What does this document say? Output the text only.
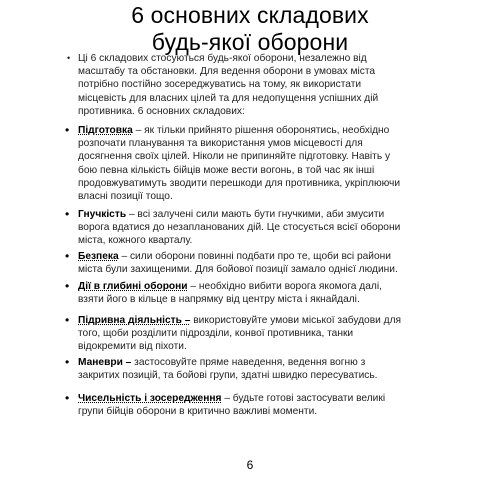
6 основних складових
будь-якої оборони
• Ці 6 складових стосуються будь-якої оборони, незалежно від масштабу та обстановки. Для ведення оборони в умовах міста потрібно постійно зосереджуватись на тому, як використати місцевість для власних цілей та для недопущення успішних дій противника. 6 основних складових:
• Підготовка – як тільки прийнято рішення оборонятись, необхідно розпочати планування та використання умов місцевості для досягнення своїх цілей. Ніколи не припиняйте підготовку. Навіть у бою певна кількість бійців може вести вогонь, в той час як інші продовжуватимуть зводити перешкоди для противника, укріплюючи власні позиції тощо.
• Гнучкість – всі залучені сили мають бути гнучкими, аби змусити ворога вдатися до незапланованих дій. Це стосується всієї оборони міста, кожного кварталу.
• Безпека – сили оборони повинні подбати про те, щоби всі райони міста були захищеними. Для бойової позиції замало однієї людини.
• Дії в глибині оборони – необхідно вибити ворога якомога далі, взяти його в кільце в напрямку від центру міста і якнайдалі.
• Підривна діяльність – використовуйте умови міської забудови для того, щоби розділити підрозділи, конвої противника, танки відокремити від піхоти.
• Маневри – застосовуйте пряме наведення, ведення вогню з закритих позицій, та бойові групи, здатні швидко пересуватись.
• Чисельність і зосередження – будьте готові застосувати великі групи бійців оборони в критично важливі моменти.
6
